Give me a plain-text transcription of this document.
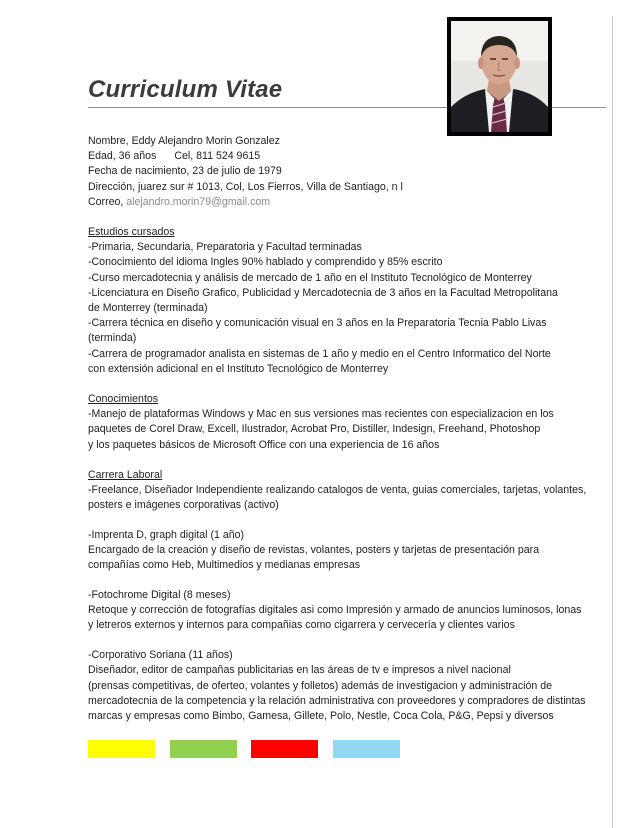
Curriculum Vitae
Nombre, Eddy Alejandro Morin Gonzalez
Edad, 36 años Cel, 811 524 9615
Fecha de nacimiento, 23 de julio de 1979
Dirección, juarez sur # 1013, Col, Los Fierros, Villa de Santiago, n l
Correo, alejandro.morin79@gmail.com
Estudios cursados
-Primaria, Secundaria, Preparatoria y Facultad terminadas
-Conocimiento del idioma Ingles 90% hablado y comprendido y 85% escrito
-Curso mercadotecnia y análisis de mercado de 1 año en el Instituto Tecnológico de Monterrey
-Licenciatura en Diseño Grafico, Publicidad y Mercadotecnia de 3 años en la Facultad Metropolitana
de Monterrey (terminada)
-Carrera técnica en diseño y comunicación visual en 3 años en la Preparatoria Tecnia Pablo Livas
(terminda)
-Carrera de programador analista en sistemas de 1 año y medio en el Centro Informatico del Norte
con extensión adicional en el Instituto Tecnológico de Monterrey
Conocimientos
-Manejo de plataformas Windows y Mac en sus versiones mas recientes con especializacion en los
paquetes de Corel Draw, Excell, Ilustrador, Acrobat Pro, Distiller, Indesign, Freehand, Photoshop
y los paquetes básicos de Microsoft Office con una experiencia de 16 años
Carrera Laboral
-Freelance, Diseñador Independiente realizando catalogos de venta, guias comerciales, tarjetas, volantes,
posters e imágenes corporativas (activo)
-Imprenta D, graph digital (1 año)
Encargado de la creación y diseño de revistas, volantes, posters y tarjetas de presentación para
compañías como Heb, Multimedios y medianas empresas
-Fotochrome Digital (8 meses)
Retoque y corrección de fotografías digitales asi como Impresión y armado de anuncios luminosos, lonas
y letreros externos y internos para compañias como cigarrera y cervecería y clientes varios
-Corporativo Soriana (11 años)
Diseñador, editor de campañas publicitarias en las áreas de tv e impresos a nivel nacional
(prensas competitivas, de oferteo, volantes y folletos) además de investigacion y administración de
mercadotecnia de la competencia y la relación administrativa con proveedores y compradores de distintas
marcas y empresas como Bimbo, Gamesa, Gillete, Polo, Nestle, Coca Cola, P&G, Pepsi y diversos
